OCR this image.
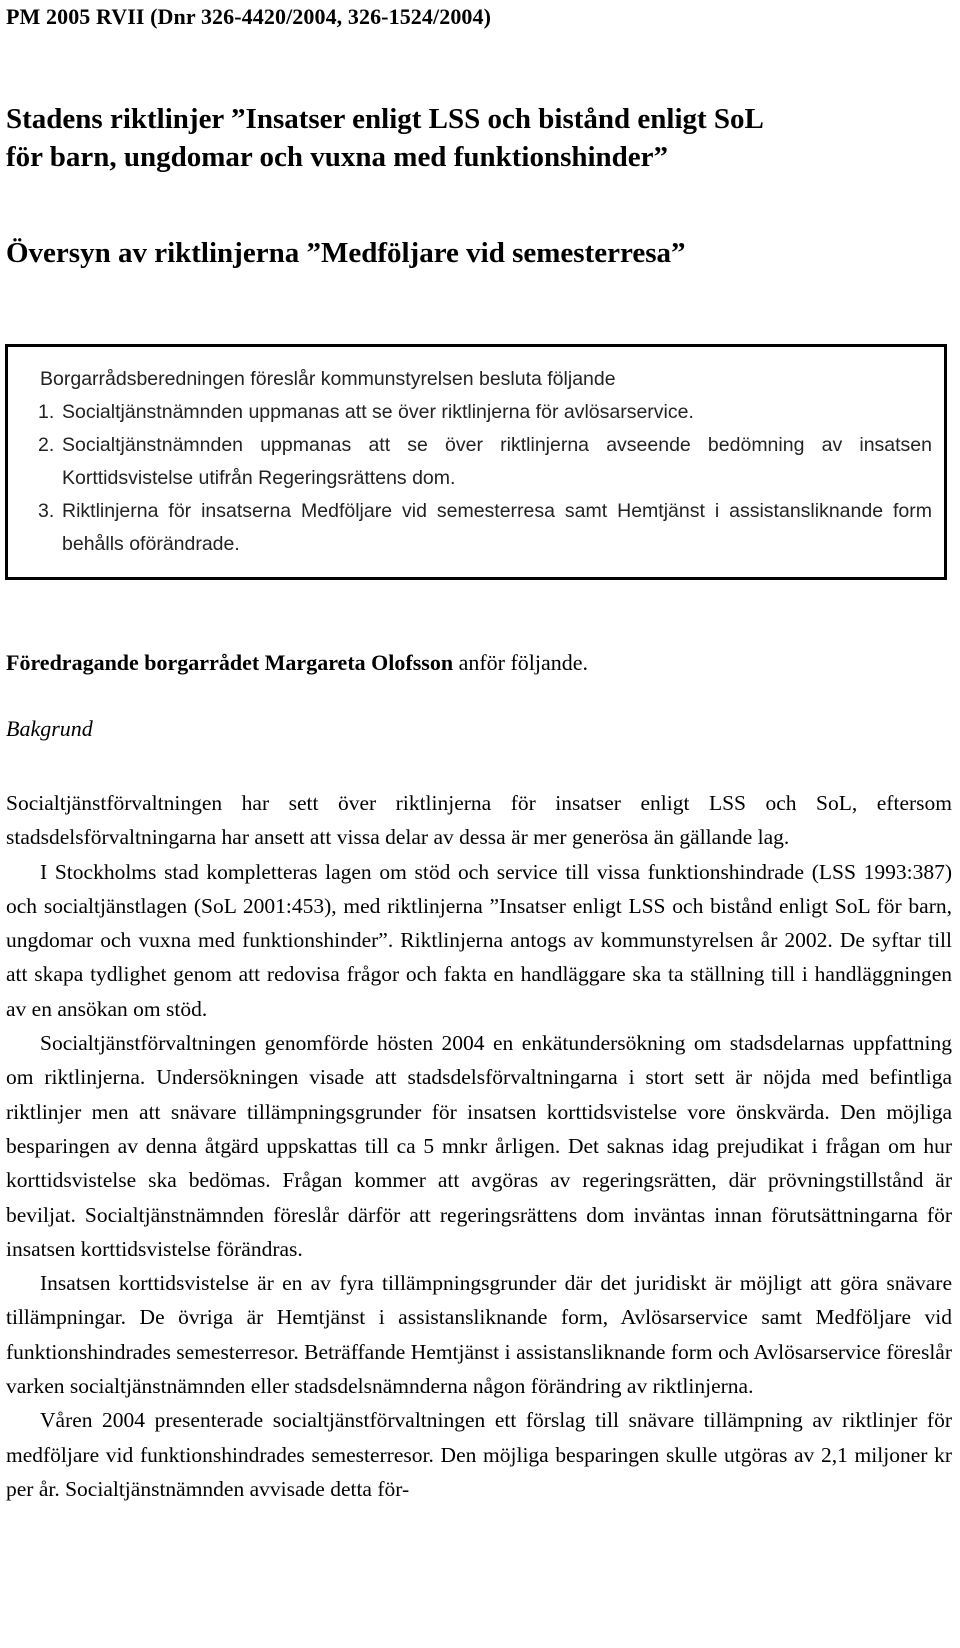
PM 2005 RVII (Dnr 326-4420/2004, 326-1524/2004)
Stadens riktlinjer ”Insatser enligt LSS och bistånd enligt SoL
för barn, ungdomar och vuxna med funktionshinder”
Översyn av riktlinjerna ”Medföljare vid semesterresa”
Borgarrådsberedningen föreslår kommunstyrelsen besluta följande
1. Socialtjänstnämnden uppmanas att se över riktlinjerna för avlösarservice.
2. Socialtjänstnämnden uppmanas att se över riktlinjerna avseende bedömning av insatsen Korttidsvistelse utifrån Regeringsrättens dom.
3. Riktlinjerna för insatserna Medföljare vid semesterresa samt Hemtjänst i assistansliknande form behålls oförändrade.
Föredragande borgarrådet Margareta Olofsson anför följande.
Bakgrund

Socialtjänstförvaltningen har sett över riktlinjerna för insatser enligt LSS och SoL, eftersom stadsdelsförvaltningarna har ansett att vissa delar av dessa är mer generösa än gällande lag.

I Stockholms stad kompletteras lagen om stöd och service till vissa funktionshindrade (LSS 1993:387) och socialtjänstlagen (SoL 2001:453), med riktlinjerna ”Insatser enligt LSS och bistånd enligt SoL för barn, ungdomar och vuxna med funktionshinder”. Riktlinjerna antogs av kommunstyrelsen år 2002. De syftar till att skapa tydlighet genom att redovisa frågor och fakta en handläggare ska ta ställning till i handläggningen av en ansökan om stöd.

Socialtjänstförvaltningen genomförde hösten 2004 en enkätundersökning om stadsdelarnas uppfattning om riktlinjerna. Undersökningen visade att stadsdelsförvaltningarna i stort sett är nöjda med befintliga riktlinjer men att snävare tillämpningsgrunder för insatsen korttidsvistelse vore önskvärda. Den möjliga besparingen av denna åtgärd uppskattas till ca 5 mnkr årligen. Det saknas idag prejudikat i frågan om hur korttidsvistelse ska bedömas. Frågan kommer att avgöras av regeringsrätten, där prövningstillstånd är beviljat. Socialtjänstnämnden föreslår därför att regeringsrättens dom inväntas innan förutsättningarna för insatsen korttidsvistelse förändras.

Insatsen korttidsvistelse är en av fyra tillämpningsgrunder där det juridiskt är möjligt att göra snävare tillämpningar. De övriga är Hemtjänst i assistansliknande form, Avlösarservice samt Medföljare vid funktionshindrades semesterresor. Beträffande Hemtjänst i assistansliknande form och Avlösarservice föreslår varken socialtjänstnämnden eller stadsdelsnämnderna någon förändring av riktlinjerna.

Våren 2004 presenterade socialtjänstförvaltningen ett förslag till snävare tillämpning av riktlinjer för medföljare vid funktionshindrades semesterresor. Den möjliga besparingen skulle utgöras av 2,1 miljoner kr per år. Socialtjänstnämnden avvisade detta för-
